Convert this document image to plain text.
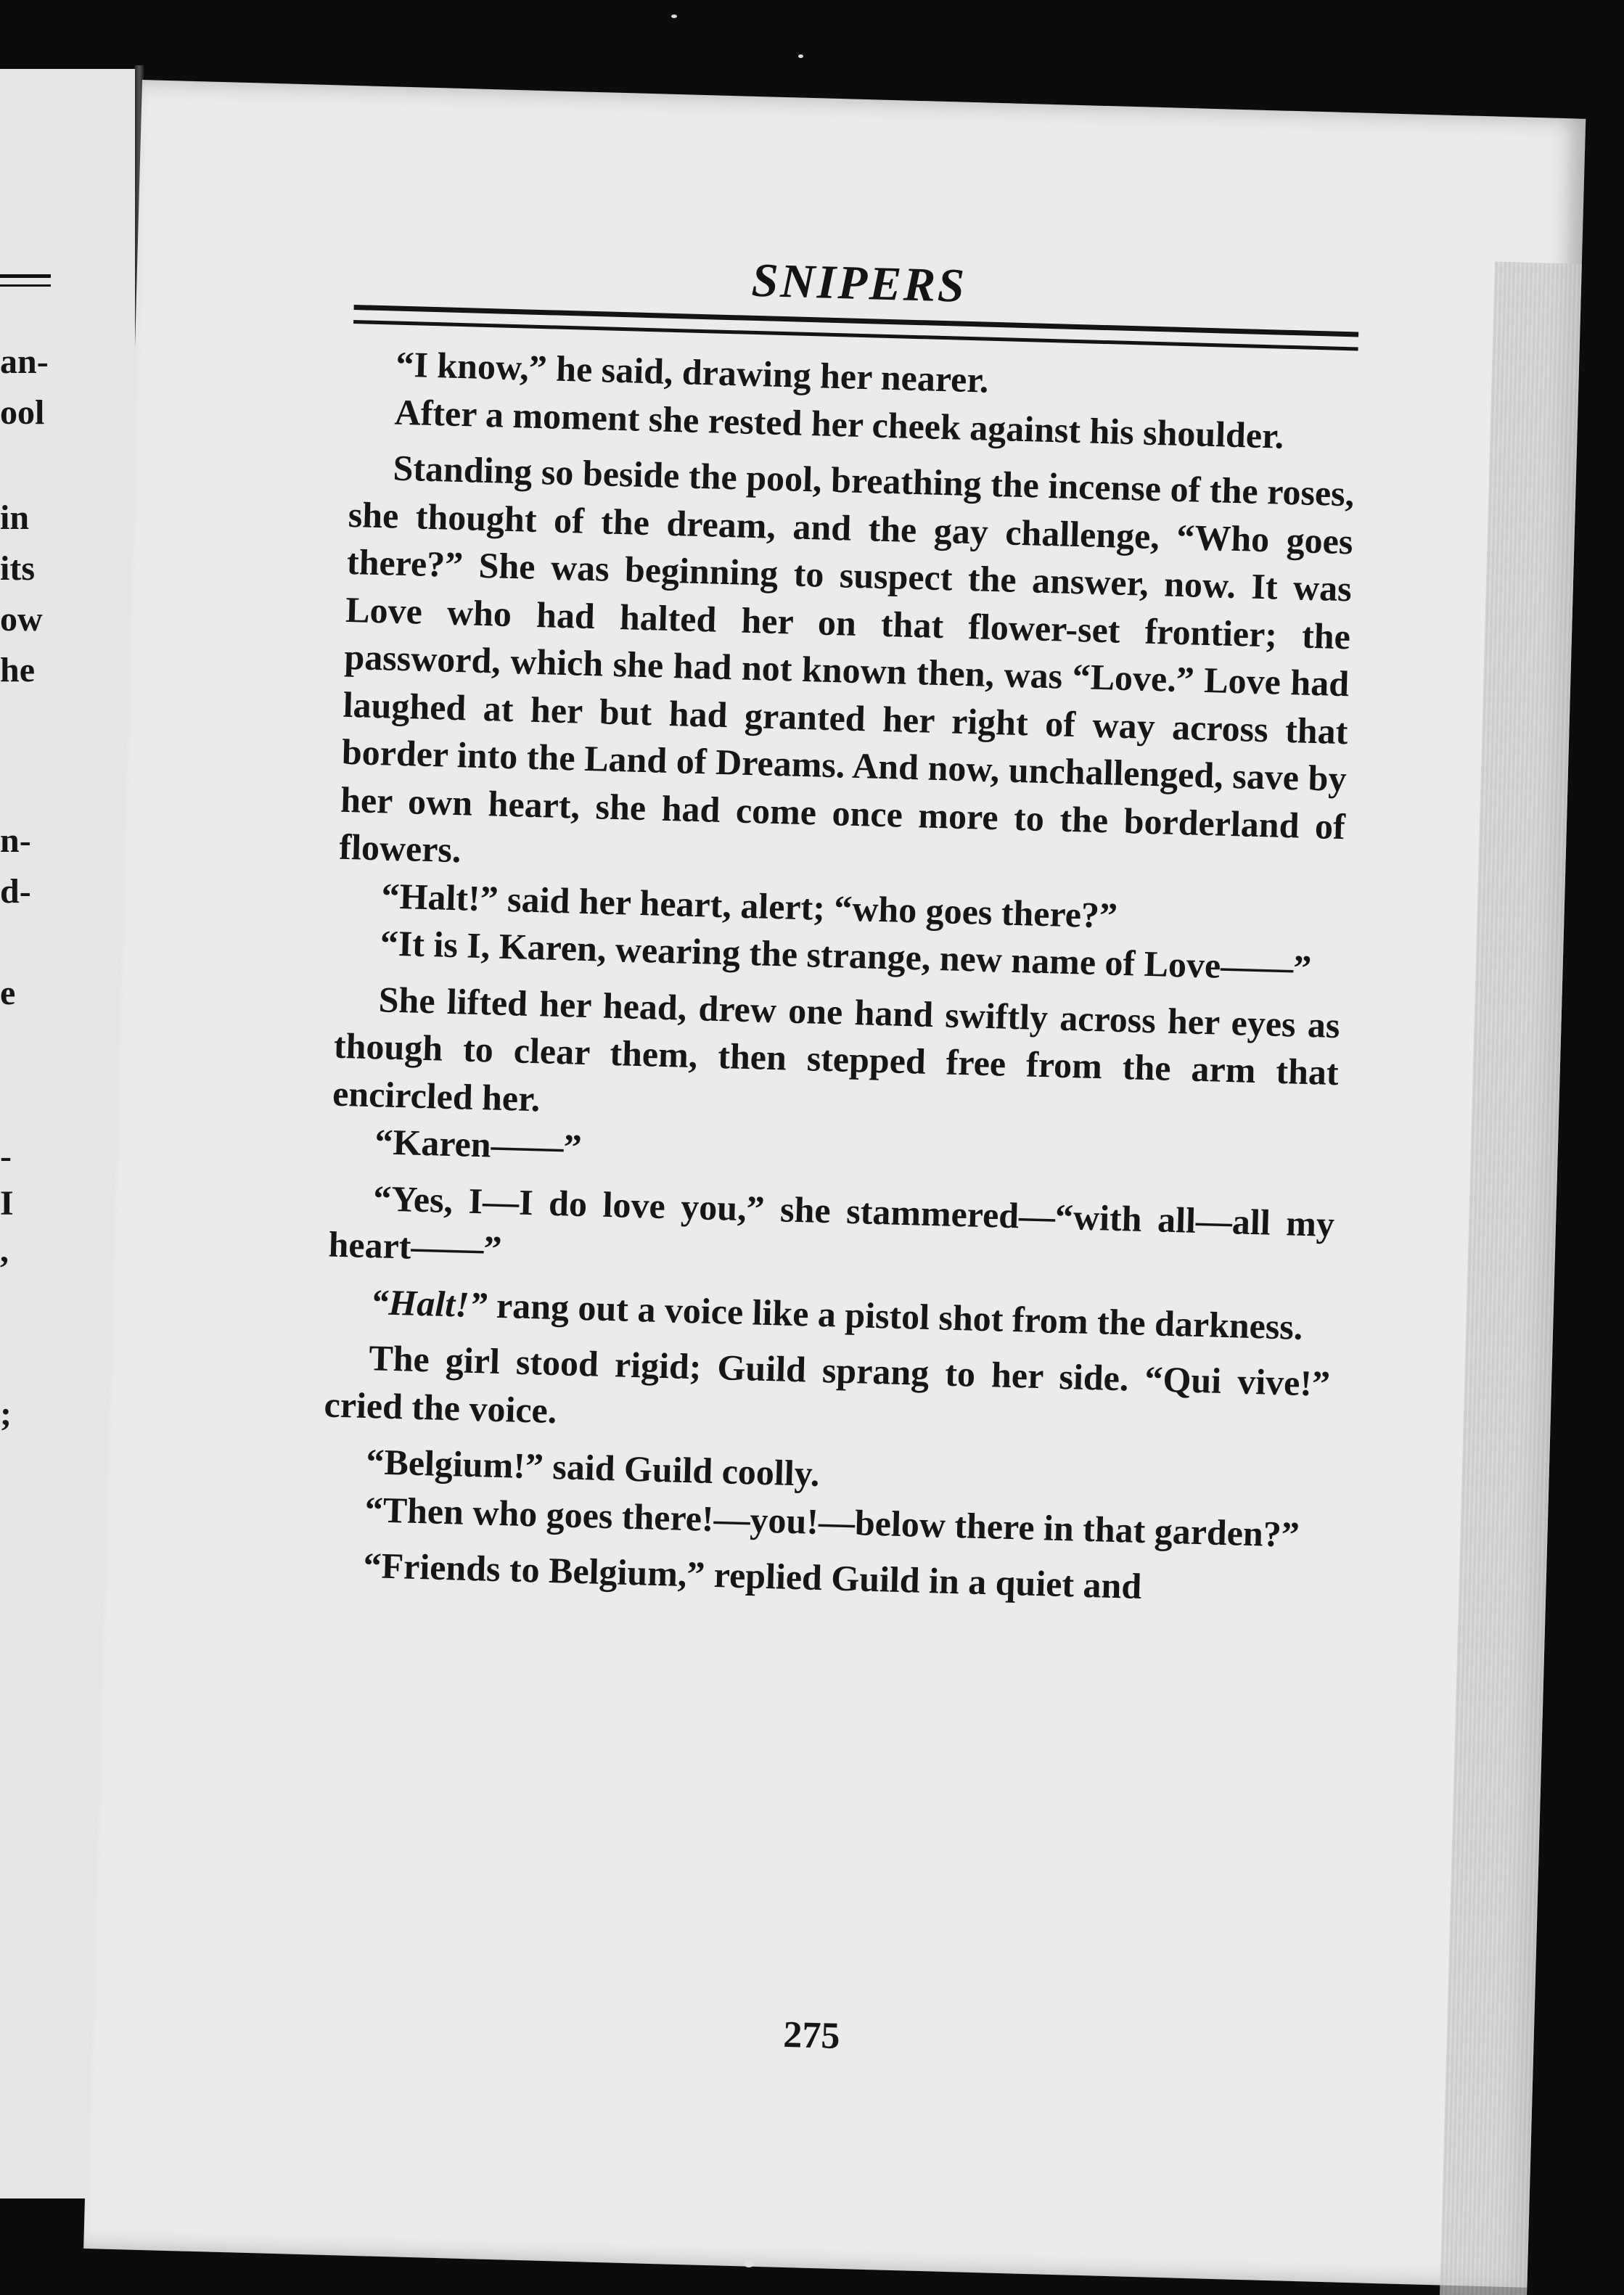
an-
ool
in
its
ow
he
n-
d-
e
-
I
,
;
SNIPERS

“I know,” he said, drawing her nearer.

After a moment she rested her cheek against his shoulder.

Standing so beside the pool, breathing the incense of the roses, she thought of the dream, and the gay challenge, “Who goes there?” She was beginning to suspect the answer, now. It was Love who had halted her on that flower-set frontier; the password, which she had not known then, was “Love.” Love had laughed at her but had granted her right of way across that border into the Land of Dreams. And now, unchallenged, save by her own heart, she had come once more to the borderland of flowers.

“Halt!” said her heart, alert; “who goes there?”

“It is I, Karen, wearing the strange, new name of Love——”

She lifted her head, drew one hand swiftly across her eyes as though to clear them, then stepped free from the arm that encircled her.

“Karen——”

“Yes, I—I do love you,” she stammered—“with all—all my heart——”

“Halt!” rang out a voice like a pistol shot from the darkness.

The girl stood rigid; Guild sprang to her side. “Qui vive!” cried the voice.

“Belgium!” said Guild coolly.

“Then who goes there!—you!—below there in that garden?”

“Friends to Belgium,” replied Guild in a quiet and

275
